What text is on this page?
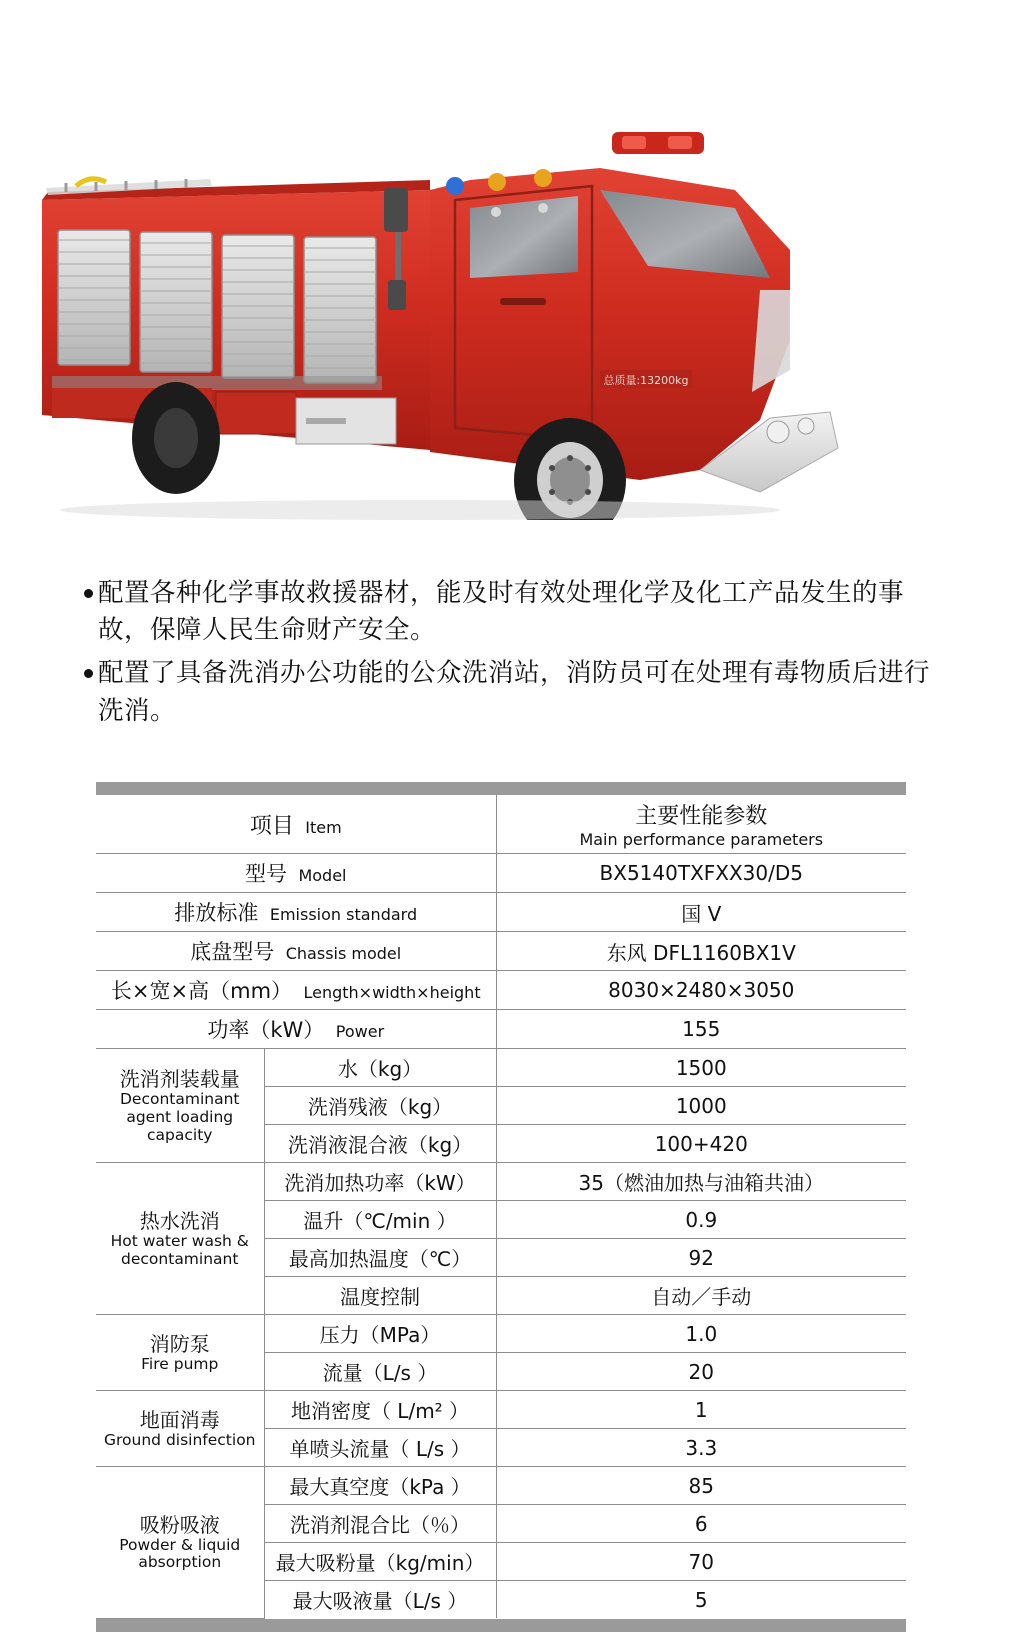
总质量:13200kg
配置各种化学事故救援器材，能及时有效处理化学及化工产品发生的事故，保障人民生命财产安全。
配置了具备洗消办公功能的公众洗消站，消防员可在处理有毒物质后进行洗消。
项目 Item		主要性能参数
Main performance parameters

型号 Model		BX5140TXFXX30/D5
排放标准 Emission standard		国 V
底盘型号 Chassis model		东风 DFL1160BX1V
长×宽×高（mm） Length×width×height		8030×2480×3050
功率（kW） Power		155
洗消剂装载量
Decontaminant agent loading capacity	水（kg）	1500
	洗消残液（kg）	1000
	洗消液混合液（kg）	100+420
热水洗消
Hot water wash & decontaminant	洗消加热功率（kW）	35（燃油加热与油箱共油）
	温升（℃/min ）	0.9
	最高加热温度（℃）	92
	温度控制	自动／手动
消防泵
Fire pump	压力（MPa）	1.0
	流量（L/s ）	20
地面消毒
Ground disinfection	地消密度（ L/m² ）	1
	单喷头流量（ L/s ）	3.3
吸粉吸液
Powder & liquid absorption	最大真空度（kPa ）	85
	洗消剂混合比（％）	6
	最大吸粉量（kg/min）	70
	最大吸液量（L/s ）	5
